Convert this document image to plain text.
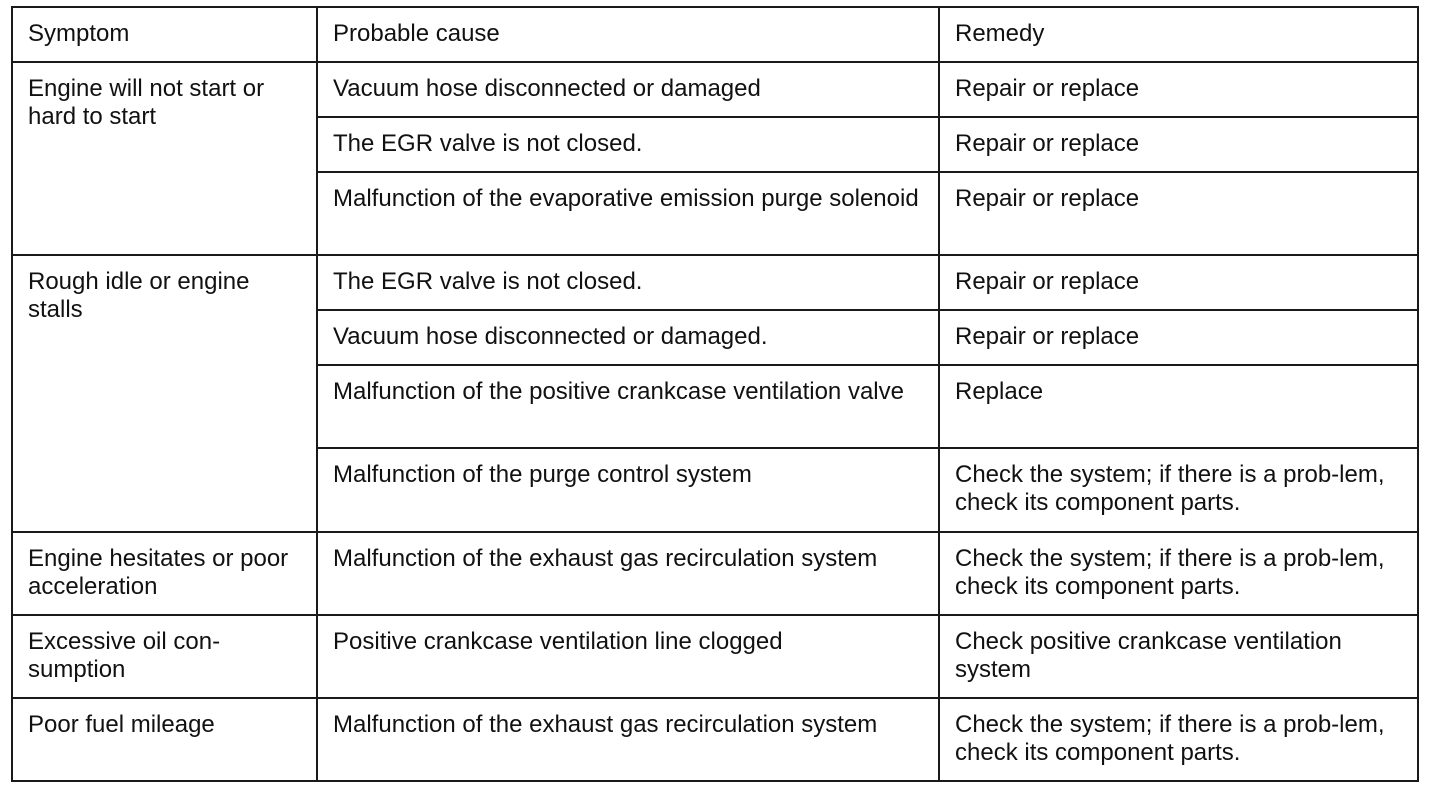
Symptom	Probable cause	Remedy
Engine will not start or hard to start	Vacuum hose disconnected or damaged	Repair or replace
	The EGR valve is not closed.	Repair or replace
	Malfunction of the evaporative emission purge solenoid	Repair or replace
Rough idle or engine stalls	The EGR valve is not closed.	Repair or replace
	Vacuum hose disconnected or damaged.	Repair or replace
	Malfunction of the positive crankcase ventilation valve	Replace
	Malfunction of the purge control system	Check the system; if there is a prob-lem, check its component parts.
Engine hesitates or poor acceleration	Malfunction of the exhaust gas recirculation system	Check the system; if there is a prob-lem, check its component parts.
Excessive oil con-sumption	Positive crankcase ventilation line clogged	Check positive crankcase ventilation system
Poor fuel mileage	Malfunction of the exhaust gas recirculation system	Check the system; if there is a prob-lem, check its component parts.
